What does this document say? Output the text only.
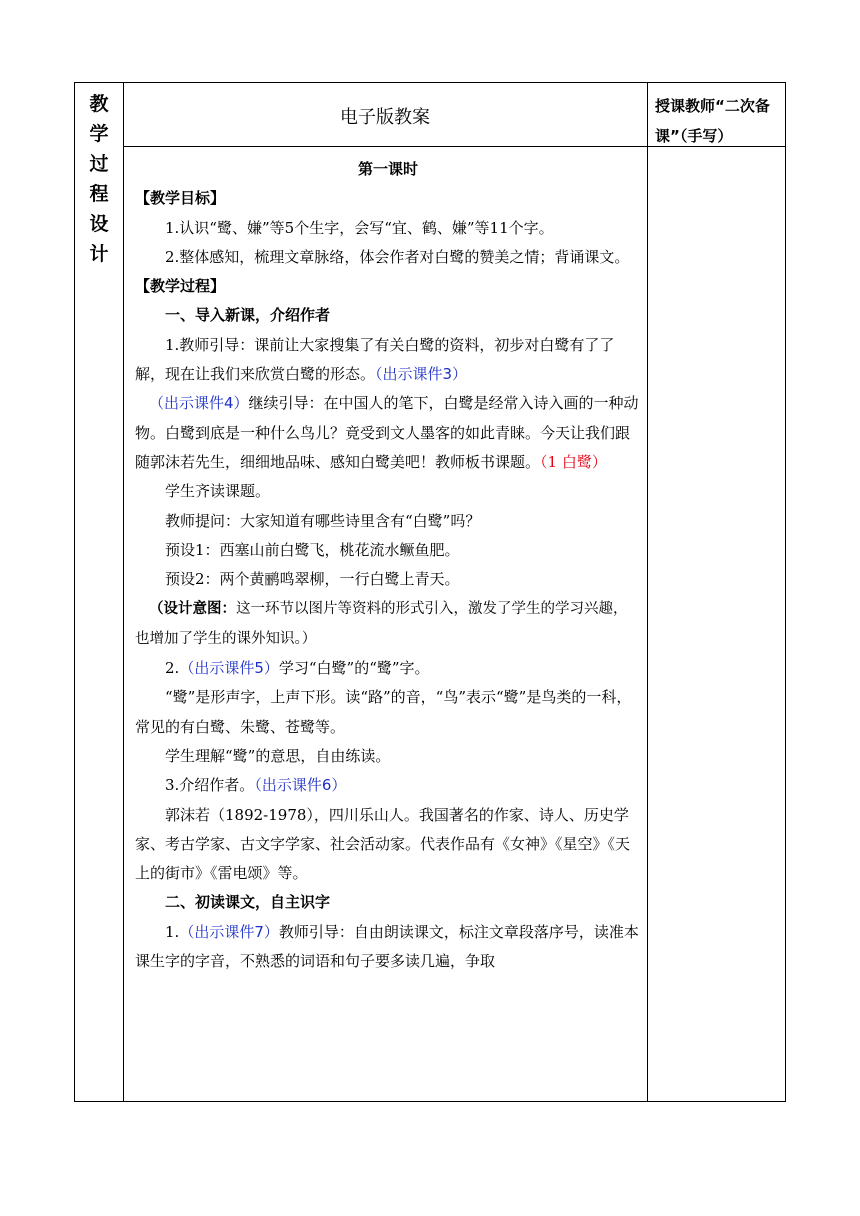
教
学
过
程
设
计
电子版教案
授课教师“二次备课”（手写）

第一课时

【教学目标】

1.认识“鹭、嫌”等5个生字，会写“宜、鹤、嫌”等11个字。

2.整体感知，梳理文章脉络，体会作者对白鹭的赞美之情；背诵课文。

【教学过程】

一、导入新课，介绍作者

1.教师引导：课前让大家搜集了有关白鹭的资料，初步对白鹭有了了解，现在让我们来欣赏白鹭的形态。（出示课件3）

（出示课件4）继续引导：在中国人的笔下，白鹭是经常入诗入画的一种动物。白鹭到底是一种什么鸟儿？竟受到文人墨客的如此青睐。今天让我们跟随郭沫若先生，细细地品味、感知白鹭美吧！教师板书课题。（1 白鹭）

学生齐读课题。

教师提问：大家知道有哪些诗里含有“白鹭”吗？

预设1：西塞山前白鹭飞，桃花流水鳜鱼肥。

预设2：两个黄鹂鸣翠柳，一行白鹭上青天。

（设计意图：这一环节以图片等资料的形式引入，激发了学生的学习兴趣，也增加了学生的课外知识。）

2.（出示课件5）学习“白鹭”的“鹭”字。

“鹭”是形声字，上声下形。读“路”的音，“鸟”表示“鹭”是鸟类的一科，常见的有白鹭、朱鹭、苍鹭等。

学生理解“鹭”的意思，自由练读。

3.介绍作者。（出示课件6）

郭沫若（1892-1978），四川乐山人。我国著名的作家、诗人、历史学家、考古学家、古文字学家、社会活动家。代表作品有《女神》《星空》《天上的街市》《雷电颂》等。

二、初读课文，自主识字

1.（出示课件7）教师引导：自由朗读课文，标注文章段落序号，读准本课生字的字音，不熟悉的词语和句子要多读几遍，争取
